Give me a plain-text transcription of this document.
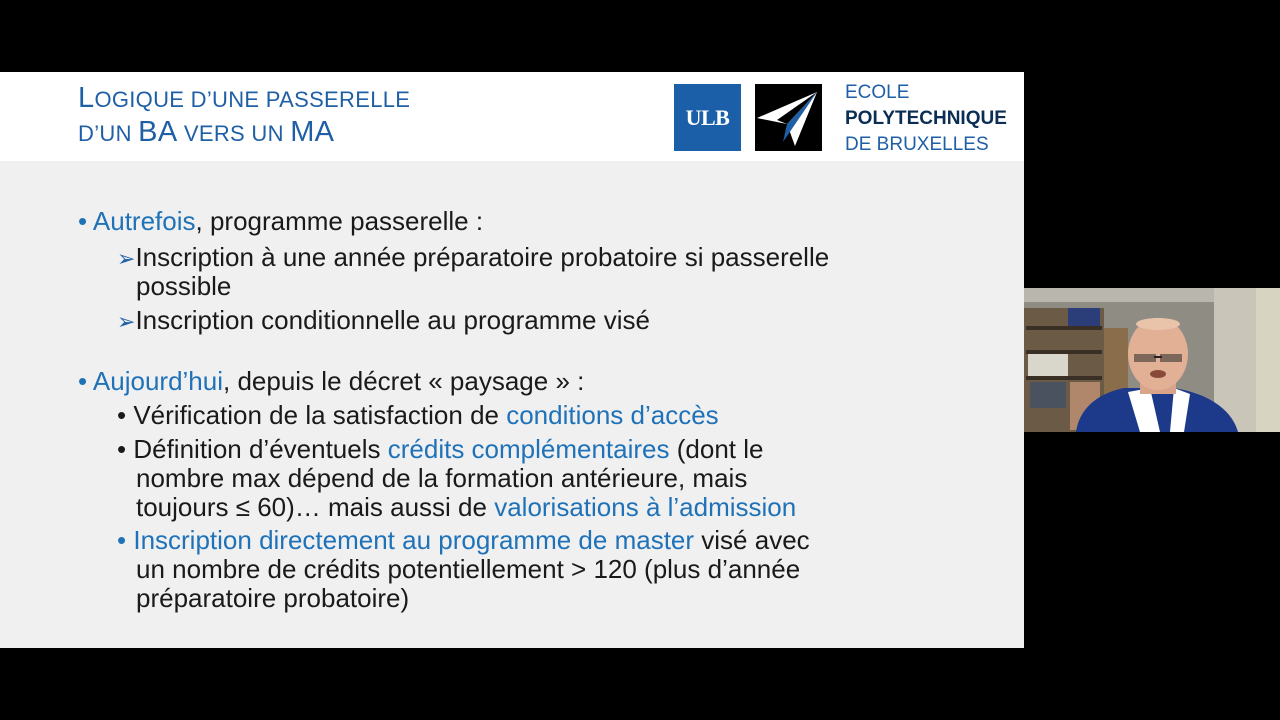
LOGIQUE D’UNE PASSERELLE
D’UN BA VERS UN MA	ULB
ECOLE
POLYTECHNIQUE
DE BRUXELLES
• Autrefois, programme passerelle :
➢Inscription à une année préparatoire probatoire si passerelle
possible
➢Inscription conditionnelle au programme visé
• Aujourd’hui, depuis le décret « paysage » :
• Vérification de la satisfaction de conditions d’accès
• Définition d’éventuels crédits complémentaires (dont le
nombre max dépend de la formation antérieure, mais
toujours ≤ 60)… mais aussi de valorisations à l’admission
• Inscription directement au programme de master visé avec
un nombre de crédits potentiellement > 120 (plus d’année
préparatoire probatoire)
